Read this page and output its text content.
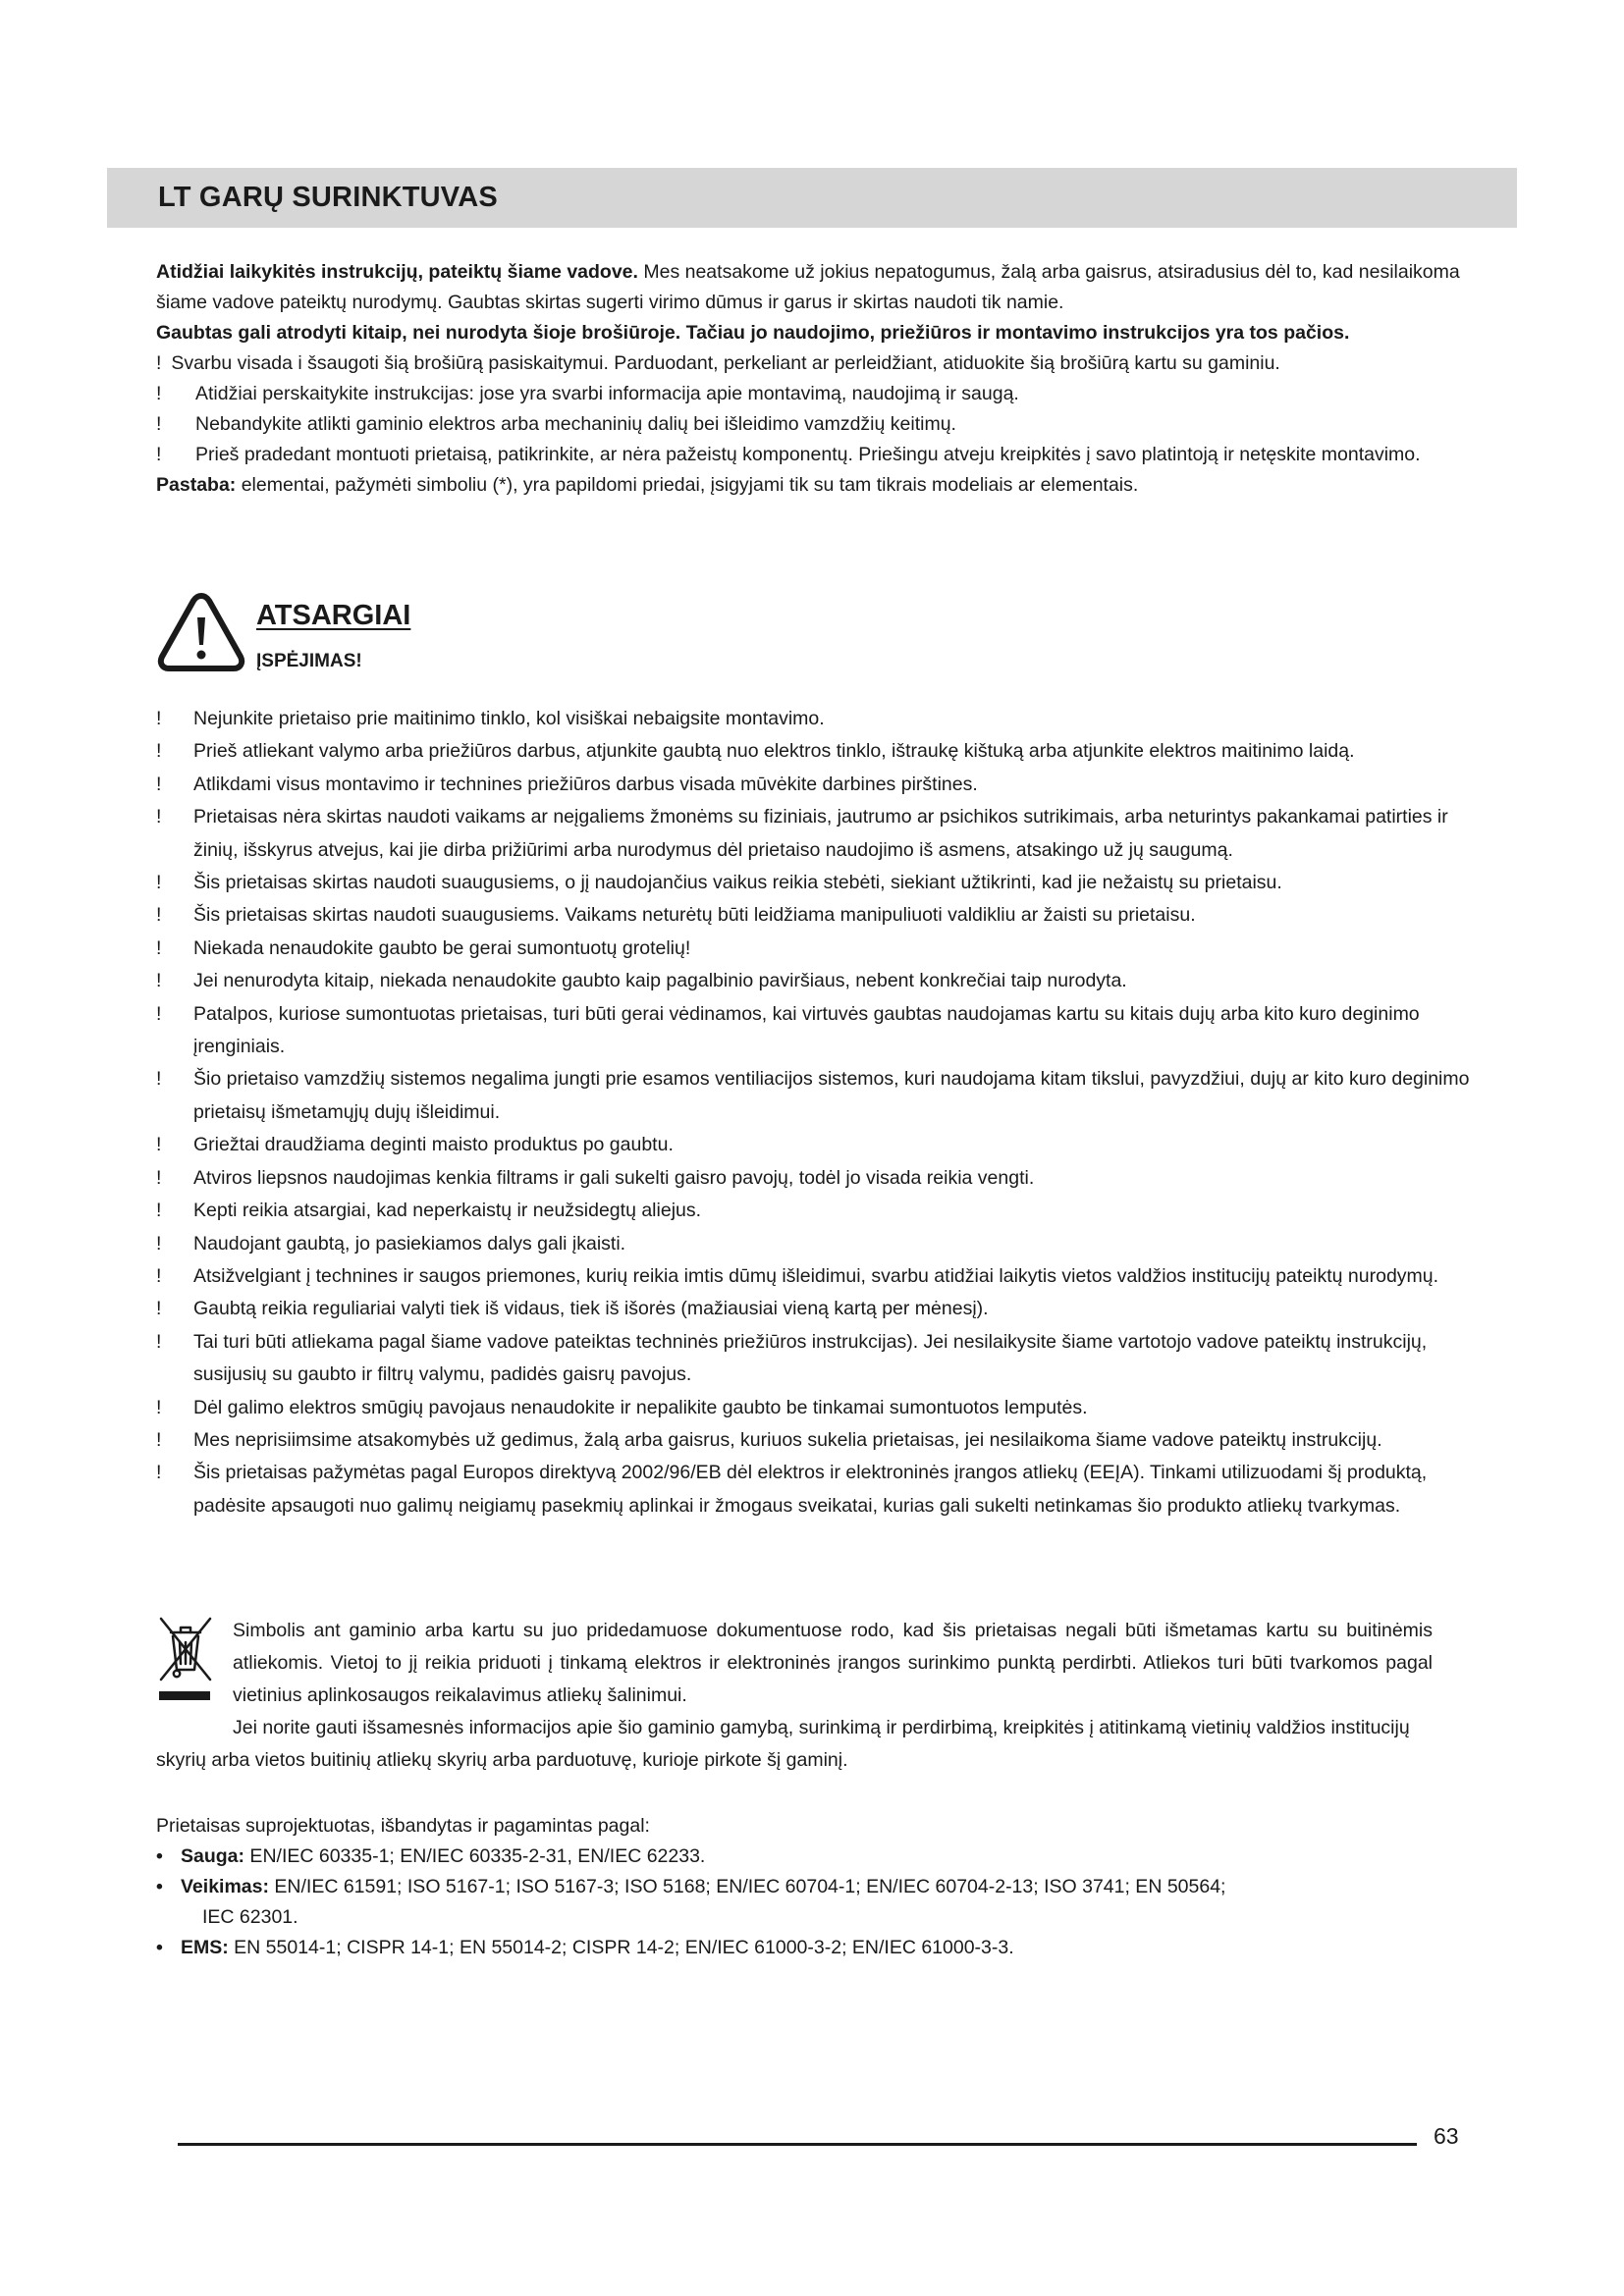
LT GARŲ SURINKTUVAS

Atidžiai laikykitės instrukcijų, pateiktų šiame vadove. Mes neatsakome už jokius nepatogumus, žalą arba gaisrus, atsiradusius dėl to, kad nesilaikoma šiame vadove pateiktų nurodymų. Gaubtas skirtas sugerti virimo dūmus ir garus ir skirtas naudoti tik namie.

Gaubtas gali atrodyti kitaip, nei nurodyta šioje brošiūroje. Tačiau jo naudojimo, priežiūros ir montavimo instrukcijos yra tos pačios.

! Svarbu visada i šsaugoti šią brošiūrą pasiskaitymui. Parduodant, perkeliant ar perleidžiant, atiduokite šią brošiūrą kartu su gaminiu.
! Atidžiai perskaitykite instrukcijas: jose yra svarbi informacija apie montavimą, naudojimą ir saugą.
! Nebandykite atlikti gaminio elektros arba mechaninių dalių bei išleidimo vamzdžių keitimų.
! Prieš pradedant montuoti prietaisą, patikrinkite, ar nėra pažeistų komponentų. Priešingu atveju kreipkitės į savo platintoją ir netęskite montavimo.

Pastaba: elementai, pažymėti simboliu (*), yra papildomi priedai, įsigyjami tik su tam tikrais modeliais ar elementais.

ATSARGIAI
ĮSPĖJIMAS!
! Nejunkite prietaiso prie maitinimo tinklo, kol visiškai nebaigsite montavimo.
! Prieš atliekant valymo arba priežiūros darbus, atjunkite gaubtą nuo elektros tinklo, ištraukę kištuką arba atjunkite elektros maitinimo laidą.
! Atlikdami visus montavimo ir technines priežiūros darbus visada mūvėkite darbines pirštines.
! Prietaisas nėra skirtas naudoti vaikams ar neįgaliems žmonėms su fiziniais, jautrumo ar psichikos sutrikimais, arba neturintys pakankamai patirties ir žinių, išskyrus atvejus, kai jie dirba prižiūrimi arba nurodymus dėl prietaiso naudojimo iš asmens, atsakingo už jų saugumą.
! Šis prietaisas skirtas naudoti suaugusiems, o jį naudojančius vaikus reikia stebėti, siekiant užtikrinti, kad jie nežaistų su prietaisu.
! Šis prietaisas skirtas naudoti suaugusiems. Vaikams neturėtų būti leidžiama manipuliuoti valdikliu ar žaisti su prietaisu.
! Niekada nenaudokite gaubto be gerai sumontuotų grotelių!
! Jei nenurodyta kitaip, niekada nenaudokite gaubto kaip pagalbinio paviršiaus, nebent konkrečiai taip nurodyta.
! Patalpos, kuriose sumontuotas prietaisas, turi būti gerai vėdinamos, kai virtuvės gaubtas naudojamas kartu su kitais dujų arba kito kuro deginimo įrenginiais.
! Šio prietaiso vamzdžių sistemos negalima jungti prie esamos ventiliacijos sistemos, kuri naudojama kitam tikslui, pavyzdžiui, dujų ar kito kuro deginimo prietaisų išmetamųjų dujų išleidimui.
! Griežtai draudžiama deginti maisto produktus po gaubtu.
! Atviros liepsnos naudojimas kenkia filtrams ir gali sukelti gaisro pavojų, todėl jo visada reikia vengti.
! Kepti reikia atsargiai, kad neperkaistų ir neužsidegtų aliejus.
! Naudojant gaubtą, jo pasiekiamos dalys gali įkaisti.
! Atsižvelgiant į technines ir saugos priemones, kurių reikia imtis dūmų išleidimui, svarbu atidžiai laikytis vietos valdžios institucijų pateiktų nurodymų.
! Gaubtą reikia reguliariai valyti tiek iš vidaus, tiek iš išorės (mažiausiai vieną kartą per mėnesį).
! Tai turi būti atliekama pagal šiame vadove pateiktas techninės priežiūros instrukcijas). Jei nesilaikysite šiame vartotojo vadove pateiktų instrukcijų, susijusių su gaubto ir filtrų valymu, padidės gaisrų pavojus.
! Dėl galimo elektros smūgių pavojaus nenaudokite ir nepalikite gaubto be tinkamai sumontuotos lemputės.
! Mes neprisiimsime atsakomybės už gedimus, žalą arba gaisrus, kuriuos sukelia prietaisas, jei nesilaikoma šiame vadove pateiktų instrukcijų.
! Šis prietaisas pažymėtas pagal Europos direktyvą 2002/96/EB dėl elektros ir elektroninės įrangos atliekų (EEĮA). Tinkami utilizuodami šį produktą, padėsite apsaugoti nuo galimų neigiamų pasekmių aplinkai ir žmogaus sveikatai, kurias gali sukelti netinkamas šio produkto atliekų tvarkymas.

Simbolis ant gaminio arba kartu su juo pridedamuose dokumentuose rodo, kad šis prietaisas negali būti išmetamas kartu su buitinėmis atliekomis. Vietoj to jį reikia priduoti į tinkamą elektros ir elektroninės įrangos surinkimo punktą perdirbti. Atliekos turi būti tvarkomos pagal vietinius aplinkosaugos reikalavimus atliekų šalinimui.

Jei norite gauti išsamesnės informacijos apie šio gaminio gamybą, surinkimą ir perdirbimą, kreipkitės į atitinkamą vietinių valdžios institucijų skyrių arba vietos buitinių atliekų skyrių arba parduotuvę, kurioje pirkote šį gaminį.

Prietaisas suprojektuotas, išbandytas ir pagamintas pagal:

• Sauga: EN/IEC 60335-1; EN/IEC 60335-2-31, EN/IEC 62233.
• Veikimas: EN/IEC 61591; ISO 5167-1; ISO 5167-3; ISO 5168; EN/IEC 60704-1; EN/IEC 60704-2-13; ISO 3741; EN 50564;
IEC 62301.
• EMS: EN 55014-1; CISPR 14-1; EN 55014-2; CISPR 14-2; EN/IEC 61000-3-2; EN/IEC 61000-3-3.
63
